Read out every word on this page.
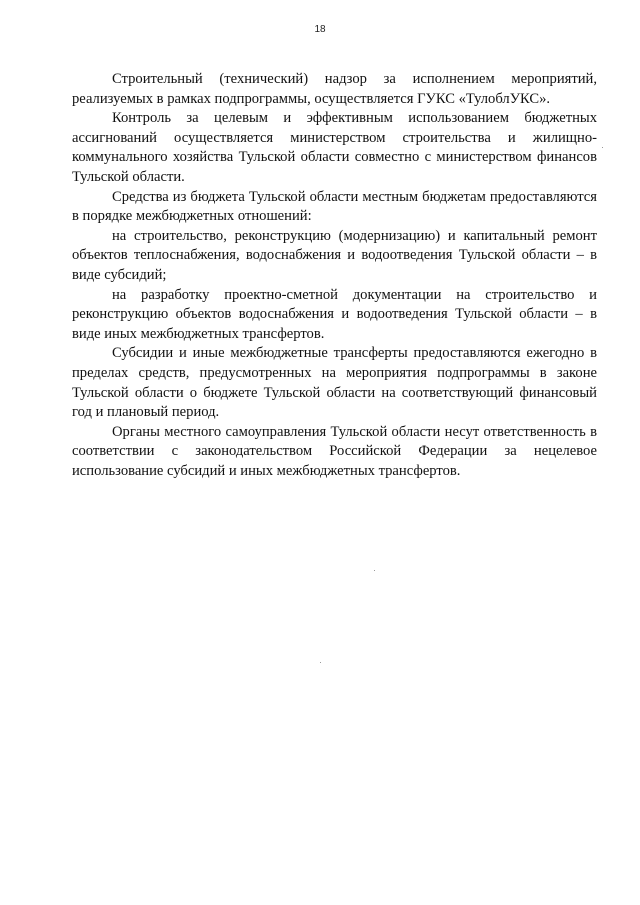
18

Строительный (технический) надзор за исполнением мероприятий, реализуемых в рамках подпрограммы, осуществляется ГУКС «ТулоблУКС».

Контроль за целевым и эффективным использованием бюджетных ассигнований осуществляется министерством строительства и жилищно-коммунального хозяйства Тульской области совместно с министерством финансов Тульской области.

Средства из бюджета Тульской области местным бюджетам предоставляются в порядке межбюджетных отношений:

на строительство, реконструкцию (модернизацию) и капитальный ремонт объектов теплоснабжения, водоснабжения и водоотведения Тульской области – в виде субсидий;

на разработку проектно-сметной документации на строительство и реконструкцию объектов водоснабжения и водоотведения Тульской области – в виде иных межбюджетных трансфертов.

Субсидии и иные межбюджетные трансферты предоставляются ежегодно в пределах средств, предусмотренных на мероприятия подпрограммы в законе Тульской области о бюджете Тульской области на соответствующий финансовый год и плановый период.

Органы местного самоуправления Тульской области несут ответственность в соответствии с законодательством Российской Федерации за нецелевое использование субсидий и иных межбюджетных трансфертов.
